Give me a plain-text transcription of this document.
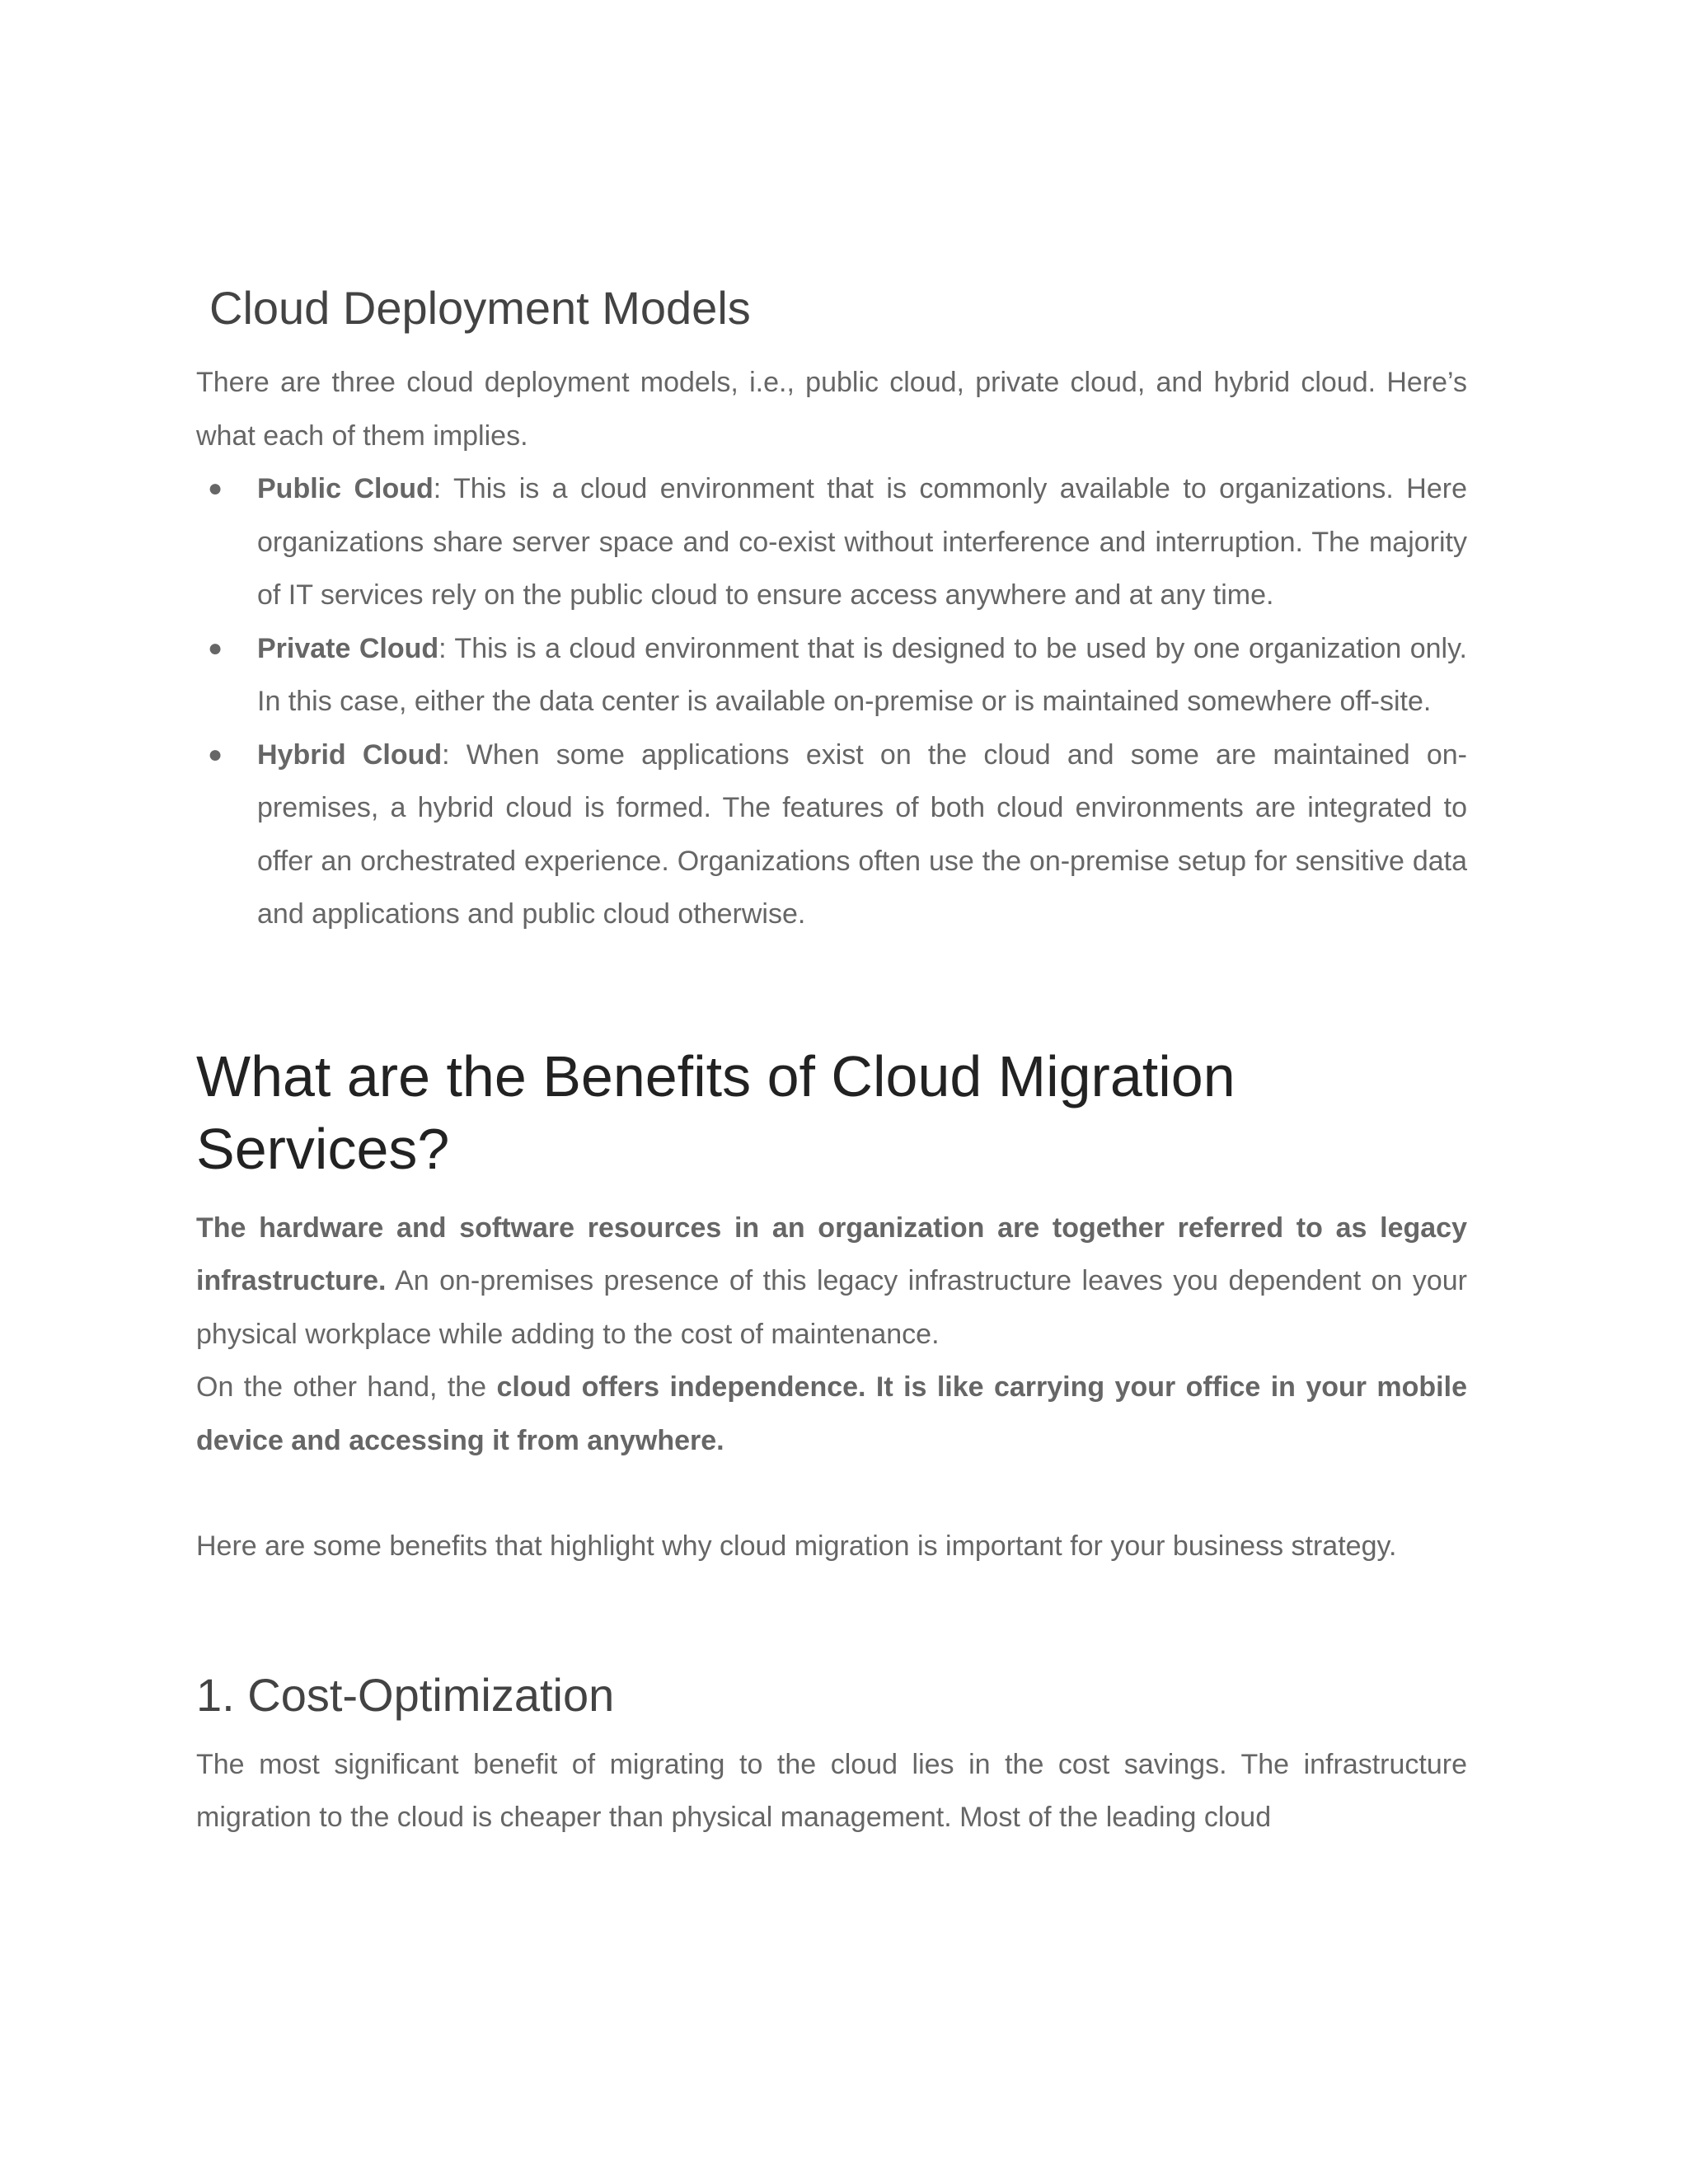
Cloud Deployment Models

There are three cloud deployment models, i.e., public cloud, private cloud, and hybrid cloud. Here’s what each of them implies.

● Public Cloud: This is a cloud environment that is commonly available to organizations. Here organizations share server space and co-exist without interference and interruption. The majority of IT services rely on the public cloud to ensure access anywhere and at any time.
● Private Cloud: This is a cloud environment that is designed to be used by one organization only. In this case, either the data center is available on-premise or is maintained somewhere off-site.
● Hybrid Cloud: When some applications exist on the cloud and some are maintained on-premises, a hybrid cloud is formed. The features of both cloud environments are integrated to offer an orchestrated experience. Organizations often use the on-premise setup for sensitive data and applications and public cloud otherwise.
What are the Benefits of Cloud Migration Services?

The hardware and software resources in an organization are together referred to as legacy infrastructure. An on-premises presence of this legacy infrastructure leaves you dependent on your physical workplace while adding to the cost of maintenance.

On the other hand, the cloud offers independence. It is like carrying your office in your mobile device and accessing it from anywhere.

Here are some benefits that highlight why cloud migration is important for your business strategy.

1. Cost-Optimization

The most significant benefit of migrating to the cloud lies in the cost savings. The infrastructure migration to the cloud is cheaper than physical management. Most of the leading cloud
